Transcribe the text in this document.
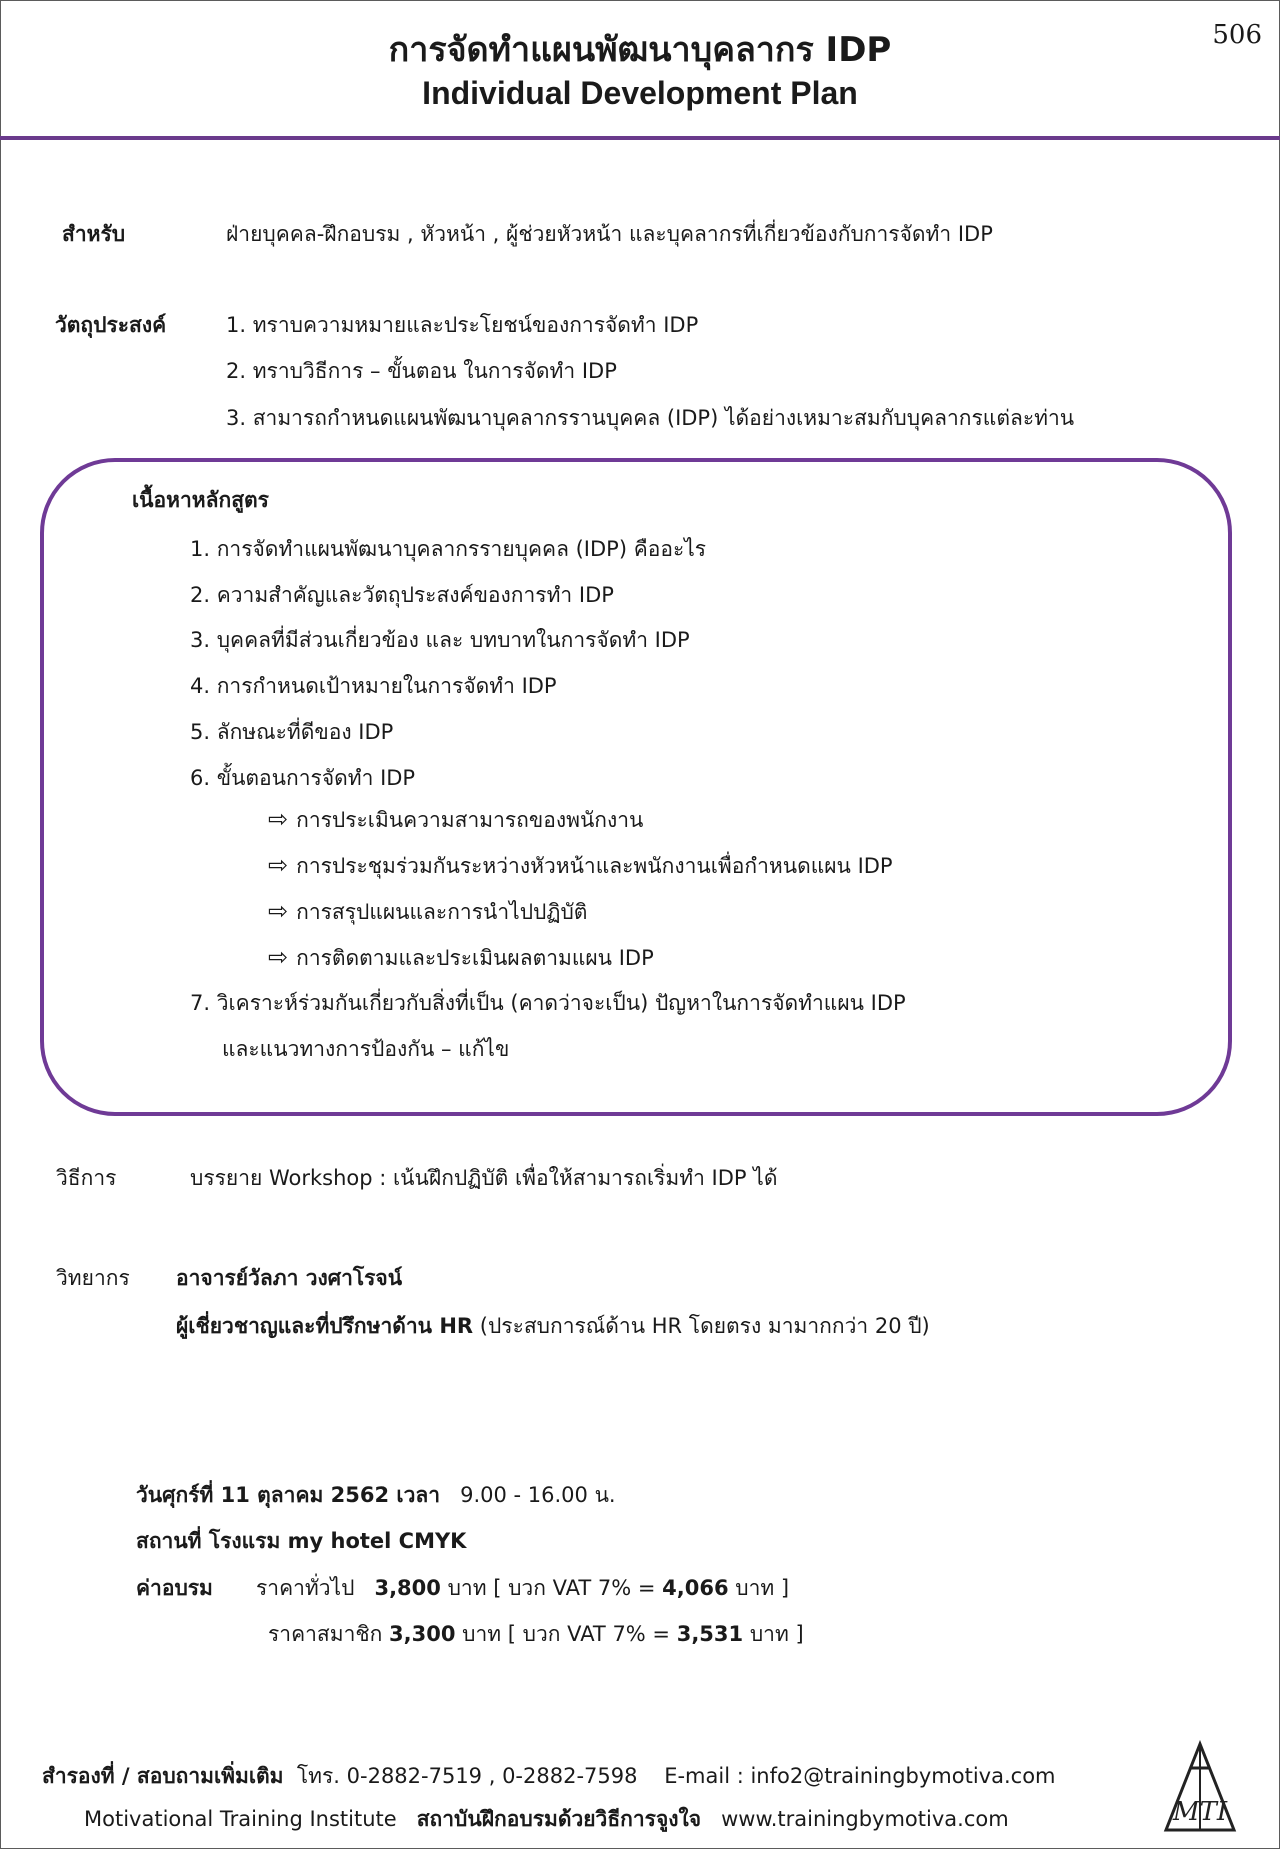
506
การจัดทำแผนพัฒนาบุคลากร IDP
Individual Development Plan
สำหรับ	ฝ่ายบุคคล-ฝึกอบรม , หัวหน้า , ผู้ช่วยหัวหน้า และบุคลากรที่เกี่ยวข้องกับการจัดทำ IDP
วัตถุประสงค์	1. ทราบความหมายและประโยชน์ของการจัดทำ IDP
2. ทราบวิธีการ – ขั้นตอน ในการจัดทำ IDP
3. สามารถกำหนดแผนพัฒนาบุคลากรรานบุคคล (IDP) ได้อย่างเหมาะสมกับบุคลากรแต่ละท่าน
เนื้อหาหลักสูตร
1. การจัดทำแผนพัฒนาบุคลากรรายบุคคล (IDP) คืออะไร
2. ความสำคัญและวัตถุประสงค์ของการทำ IDP
3. บุคคลที่มีส่วนเกี่ยวข้อง และ บทบาทในการจัดทำ IDP
4. การกำหนดเป้าหมายในการจัดทำ IDP
5. ลักษณะที่ดีของ IDP
6. ขั้นตอนการจัดทำ IDP
⇨ การประเมินความสามารถของพนักงาน
⇨ การประชุมร่วมกันระหว่างหัวหน้าและพนักงานเพื่อกำหนดแผน IDP
⇨ การสรุปแผนและการนำไปปฏิบัติ
⇨ การติดตามและประเมินผลตามแผน IDP
7. วิเคราะห์ร่วมกันเกี่ยวกับสิ่งที่เป็น (คาดว่าจะเป็น) ปัญหาในการจัดทำแผน IDP
และแนวทางการป้องกัน – แก้ไข
วิธีการ	บรรยาย Workshop : เน้นฝึกปฏิบัติ เพื่อให้สามารถเริ่มทำ IDP ได้
วิทยากร อาจารย์วัลภา วงศาโรจน์
ผู้เชี่ยวชาญและที่ปรึกษาด้าน HR (ประสบการณ์ด้าน HR โดยตรง มามากกว่า 20 ปี)
วันศุกร์ที่ 11 ตุลาคม 2562 เวลา 9.00 - 16.00 น.
สถานที่ โรงแรม my hotel CMYK
ค่าอบรม ราคาทั่วไป 3,800 บาท [ บวก VAT 7% = 4,066 บาท ]
ราคาสมาชิก 3,300 บาท [ บวก VAT 7% = 3,531 บาท ]
สำรองที่ / สอบถามเพิ่มเติม โทร. 0-2882-7519 , 0-2882-7598 E-mail : info2@trainingbymotiva.com
Motivational Training Institute สถาบันฝึกอบรมด้วยวิธีการจูงใจ www.trainingbymotiva.com	MTI
